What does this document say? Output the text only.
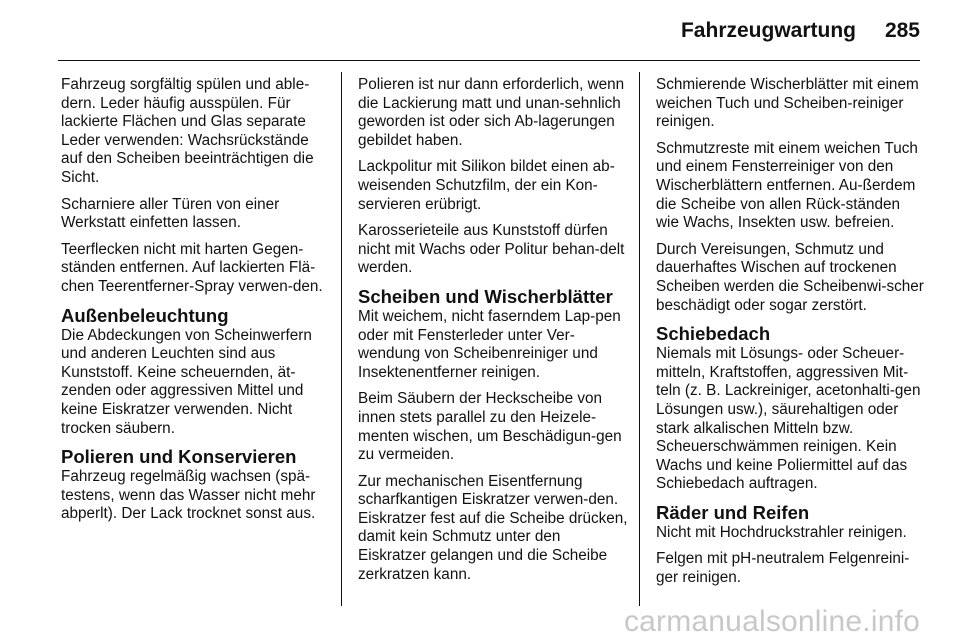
Fahrzeugwartung 285

Fahrzeug sorgfältig spülen und able-dern. Leder häufig ausspülen. Für lackierte Flächen und Glas separate Leder verwenden: Wachsrückstände auf den Scheiben beeinträchtigen die Sicht.

Scharniere aller Türen von einer Werkstatt einfetten lassen.

Teerflecken nicht mit harten Gegen-ständen entfernen. Auf lackierten Flä-chen Teerentferner-Spray verwen-den.

Außenbeleuchtung

Die Abdeckungen von Scheinwerfern und anderen Leuchten sind aus Kunststoff. Keine scheuernden, ät-zenden oder aggressiven Mittel und keine Eiskratzer verwenden. Nicht trocken säubern.

Polieren und Konservieren

Fahrzeug regelmäßig wachsen (spä-testens, wenn das Wasser nicht mehr abperlt). Der Lack trocknet sonst aus.

Polieren ist nur dann erforderlich, wenn die Lackierung matt und unan-sehnlich geworden ist oder sich Ab-lagerungen gebildet haben.

Lackpolitur mit Silikon bildet einen ab-weisenden Schutzfilm, der ein Kon-servieren erübrigt.

Karosserieteile aus Kunststoff dürfen nicht mit Wachs oder Politur behan-delt werden.

Scheiben und Wischerblätter

Mit weichem, nicht faserndem Lap-pen oder mit Fensterleder unter Ver-wendung von Scheibenreiniger und Insektenentferner reinigen.

Beim Säubern der Heckscheibe von innen stets parallel zu den Heizele-menten wischen, um Beschädigun-gen zu vermeiden.

Zur mechanischen Eisentfernung scharfkantigen Eiskratzer verwen-den. Eiskratzer fest auf die Scheibe drücken, damit kein Schmutz unter den Eiskratzer gelangen und die Scheibe zerkratzen kann.

Schmierende Wischerblätter mit einem weichen Tuch und Scheiben-reiniger reinigen.

Schmutzreste mit einem weichen Tuch und einem Fensterreiniger von den Wischerblättern entfernen. Au-ßerdem die Scheibe von allen Rück-ständen wie Wachs, Insekten usw. befreien.

Durch Vereisungen, Schmutz und dauerhaftes Wischen auf trockenen Scheiben werden die Scheibenwi-scher beschädigt oder sogar zerstört.

Schiebedach

Niemals mit Lösungs- oder Scheuer-mitteln, Kraftstoffen, aggressiven Mit-teln (z. B. Lackreiniger, acetonhalti-gen Lösungen usw.), säurehaltigen oder stark alkalischen Mitteln bzw. Scheuerschwämmen reinigen. Kein Wachs und keine Poliermittel auf das Schiebedach auftragen.

Räder und Reifen

Nicht mit Hochdruckstrahler reinigen.

Felgen mit pH-neutralem Felgenreini-ger reinigen.

carmanualsonline.info
